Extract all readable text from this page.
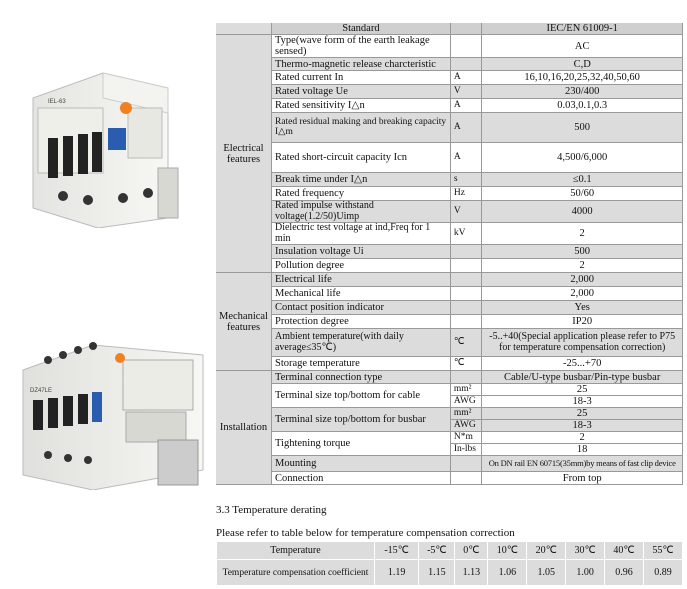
IEL-63
DZ47LE
	Standard		IEC/EN 61009-1
Electrical features	Type(wave form of the earth leakage sensed)		AC
	Thermo-magnetic release charcteristic		C,D
	Rated current In	A	16,10,16,20,25,32,40,50,60
	Rated voltage Ue	V	230/400
	Rated sensitivity I△n	A	0.03,0.1,0.3
	Rated residual making and breaking capacity I△m	A	500
	Rated short-circuit capacity Icn	A	4,500/6,000
	Break time under I△n	s	≤0.1
	Rated frequency	Hz	50/60
	Rated impulse withstand voltage(1.2/50)Uimp	V	4000
	Dielectric test voltage at ind,Freq for 1 min	kV	2
	Insulation voltage Ui		500
	Pollution degree		2
Mechanical features	Electrical life		2,000
	Mechanical life		2,000
	Contact position indicator		Yes
	Protection degree		IP20
	Ambient temperature(with daily average≤35℃)	℃	-5..+40(Special application please refer to P75 for temperature compensation correction)
	Storage temperature	℃	-25...+70
Installation	Terminal connection type		Cable/U-type busbar/Pin-type busbar
	Terminal size top/bottom for cable	mm²	25
		AWG	18-3
	Terminal size top/bottom for busbar	mm²	25
		AWG	18-3
	Tightening torque	N*m	2
		In-lbs	18
	Mounting		On DN rail EN 60715(35mm)by means of fast clip device
	Connection		From top
3.3 Temperature derating
Please refer to table below for temperature compensation correction
Temperature	-15℃	-5℃	0℃	10℃	20℃	30℃	40℃	55℃
Temperature compensation coefficient	1.19	1.15	1.13	1.06	1.05	1.00	0.96	0.89
